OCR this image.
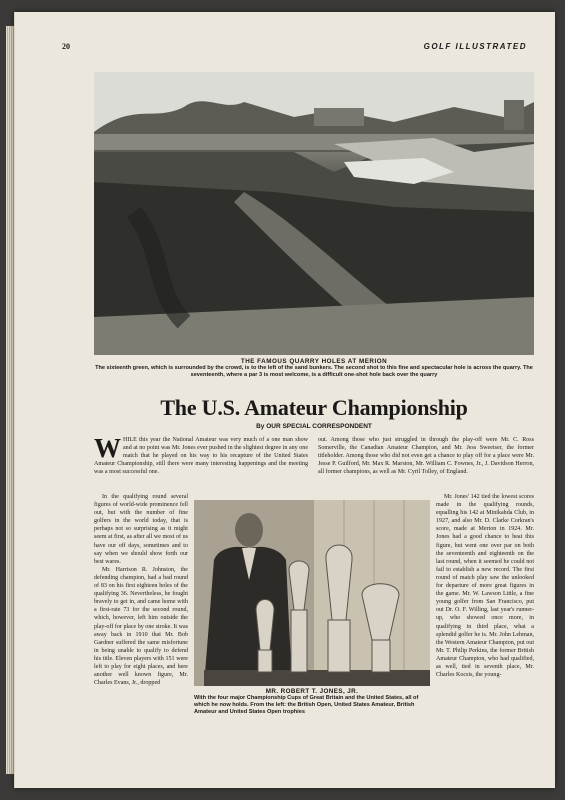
20	GOLF ILLUSTRATED
THE FAMOUS QUARRY HOLES AT MERION
The sixteenth green, which is surrounded by the crowd, is to the left of the sand bunkers. The second shot to this fine and spectacular hole is across the quarry. The seventeenth, where a par 3 is most welcome, is a difficult one-shot hole back over the quarry
The U.S. Amateur Championship
By OUR SPECIAL CORRESPONDENT
WHILE this year the National Amateur was very much of a one man show and at no point was Mr. Jones ever pushed in the slightest degree in any one match that he played on his way to his recapture of the United States Amateur Championship, still there were many interesting happenings and the meeting was a most successful one.

out. Among those who just struggled in through the play-off were Mr. C. Ross Somerville, the Canadian Amateur Champion, and Mr. Jess Sweetser, the former titleholder. Among those who did not even get a chance to play off for a place were Mr. Jesse P. Guilford, Mr. Max R. Marston, Mr. William C. Fownes, Jr., J. Davidson Herron, all former champions, as well as Mr. Cyril Tolley, of England.

In the qualifying round several figures of world-wide prominence fell out, but with the number of fine golfers in the world today, that is perhaps not so surprising as it might seem at first, as after all we most of us have our off days, sometimes and to say when we should show forth our best wares.

Mr. Harrison R. Johnston, the defending champion, had a bad round of 83 on his first eighteen holes of the qualifying 36. Nevertheless, he fought bravely to get in, and came home with a first-rate 73 for the second round, which, however, left him outside the play-off for place by one stroke. It was away back in 1910 that Mr. Bob Gardner suffered the same misfortune in being unable to qualify to defend his title. Eleven players with 151 were left to play for eight places, and here another well known figure, Mr. Charles Evans, Jr., dropped

Mr. Jones' 142 tied the lowest scores made in the qualifying rounds, equalling his 142 at Minikahda Club, in 1927, and also Mr. D. Clarke Corkran's score, made at Merion in 1924. Mr. Jones had a good chance to beat this figure, but went one over par on both the seventeenth and eighteenth on the last round, when it seemed he could not fail to establish a new record. The first round of match play saw the unlooked for departure of more great figures in the game. Mr. W. Lawson Little, a fine young golfer from San Francisco, put out Dr. O. F. Willing, last year's runner-up, who showed once more, in qualifying in third place, what a splendid golfer he is. Mr. John Lehman, the Western Amateur Champion, put out Mr. T. Philip Perkins, the former British Amateur Champion, who had qualified, as well, tied in seventh place, Mr. Charles Kocsis, the young-

MR. ROBERT T. JONES, JR.
With the four major Championship Cups of Great Britain and the United States, all of which he now holds. From the left: the British Open, United States Amateur, British Amateur and United States Open trophies
